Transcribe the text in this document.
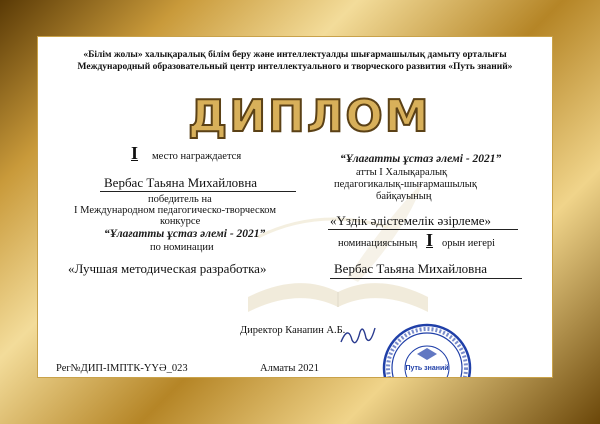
«Білім жолы» халықаралық білім беру және интеллектуалды шығармашылық дамыту орталығы
Международный образовательный центр интеллектуального и творческого развития «Путь знаний»
ДИПЛОМ
I место награждается
Вербас Таьяна Михайловна
победитель на
I Международном педагогическо-творческом
конкурсе
“Ұлағатты ұстаз әлемі - 2021”
по номинации
«Лучшая методическая разработка»
“Ұлағатты ұстаз әлемі - 2021”
атты I Халықаралық
педагогикалық-шығармашылық
байқауының
«Үздік әдістемелік әзірлеме»
номинациясының I орын иегері
Вербас Таьяна Михайловна
Директор Канапин А.Б.
Путь знаний
Рег№ДИП-IМПТК-ҮҮӘ_023	Алматы 2021
